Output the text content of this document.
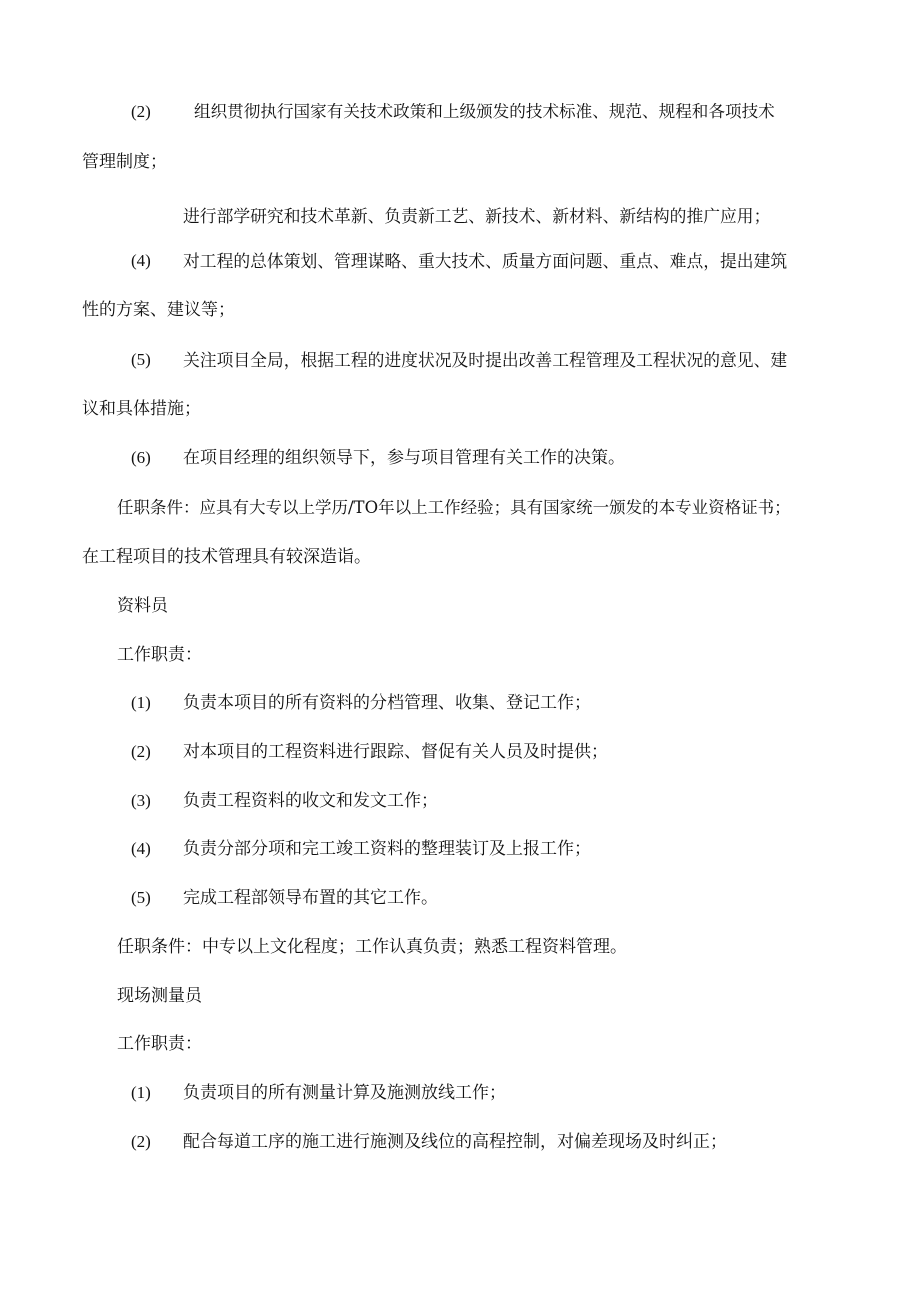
(2)	组织贯彻执行国家有关技术政策和上级颁发的技术标准、规范、规程和各项技术
管理制度；
进行部学研究和技术革新、负责新工艺、新技术、新材料、新结构的推广应用；
(4) 对工程的总体策划、管理谋略、重大技术、质量方面问题、重点、难点，提出建筑
性的方案、建议等；
(5) 关注项目全局，根据工程的进度状况及时提出改善工程管理及工程状况的意见、建
议和具体措施；
(6) 在项目经理的组织领导下，参与项目管理有关工作的决策。
任职条件：应具有大专以上学历/TO年以上工作经验；具有国家统一颁发的本专业资格证书；
在工程项目的技术管理具有较深造诣。
资料员
工作职责：
(1) 负责本项目的所有资料的分档管理、收集、登记工作；
(2) 对本项目的工程资料进行跟踪、督促有关人员及时提供；
(3) 负责工程资料的收文和发文工作；
(4) 负责分部分项和完工竣工资料的整理装订及上报工作；
(5) 完成工程部领导布置的其它工作。
任职条件：中专以上文化程度；工作认真负责；熟悉工程资料管理。
现场测量员
工作职责：
(1) 负责项目的所有测量计算及施测放线工作；
(2) 配合每道工序的施工进行施测及线位的高程控制，对偏差现场及时纠正；
